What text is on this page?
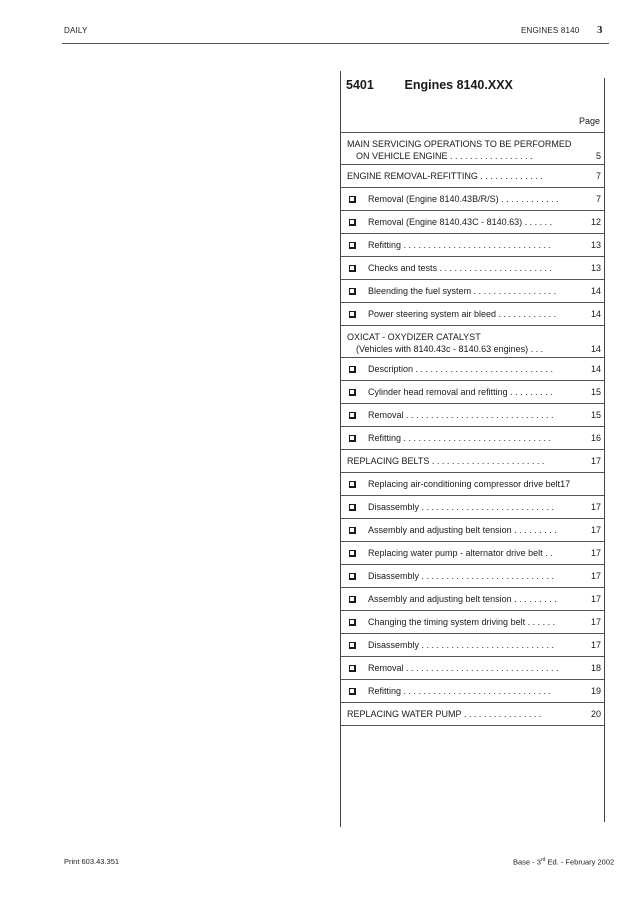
DAILY	ENGINES 8140 3
5401 Engines 8140.XXX
Page
MAIN SERVICING OPERATIONS TO BE PERFORMED
ON VEHICLE ENGINE . . . . . . . . . . . . . . . . .	5
ENGINE REMOVAL-REFITTING . . . . . . . . . . . . .	7
Removal (Engine 8140.43B/R/S) . . . . . . . . . . . .	7
Removal (Engine 8140.43C - 8140.63) . . . . . .	12
Refitting . . . . . . . . . . . . . . . . . . . . . . . . . . . . . .	13
Checks and tests . . . . . . . . . . . . . . . . . . . . . . .	13
Bleending the fuel system . . . . . . . . . . . . . . . . .	14
Power steering system air bleed . . . . . . . . . . . .	14
OXICAT - OXYDIZER CATALYST
(Vehicles with 8140.43c - 8140.63 engines) . . .	14
Description . . . . . . . . . . . . . . . . . . . . . . . . . . . .	14
Cylinder head removal and refitting . . . . . . . . .	15
Removal . . . . . . . . . . . . . . . . . . . . . . . . . . . . . .	15
Refitting . . . . . . . . . . . . . . . . . . . . . . . . . . . . . .	16
REPLACING BELTS . . . . . . . . . . . . . . . . . . . . . . .	17
Replacing air-conditioning compressor drive belt17
Disassembly . . . . . . . . . . . . . . . . . . . . . . . . . . .	17
Assembly and adjusting belt tension . . . . . . . . .	17
Replacing water pump - alternator drive belt . .	17
Disassembly . . . . . . . . . . . . . . . . . . . . . . . . . . .	17
Assembly and adjusting belt tension . . . . . . . . .	17
Changing the timing system driving belt . . . . . .	17
Disassembly . . . . . . . . . . . . . . . . . . . . . . . . . . .	17
Removal . . . . . . . . . . . . . . . . . . . . . . . . . . . . . . .	18
Refitting . . . . . . . . . . . . . . . . . . . . . . . . . . . . . .	19
REPLACING WATER PUMP . . . . . . . . . . . . . . . .	20
Print 603.43.351	Base - 3rd Ed. - February 2002
